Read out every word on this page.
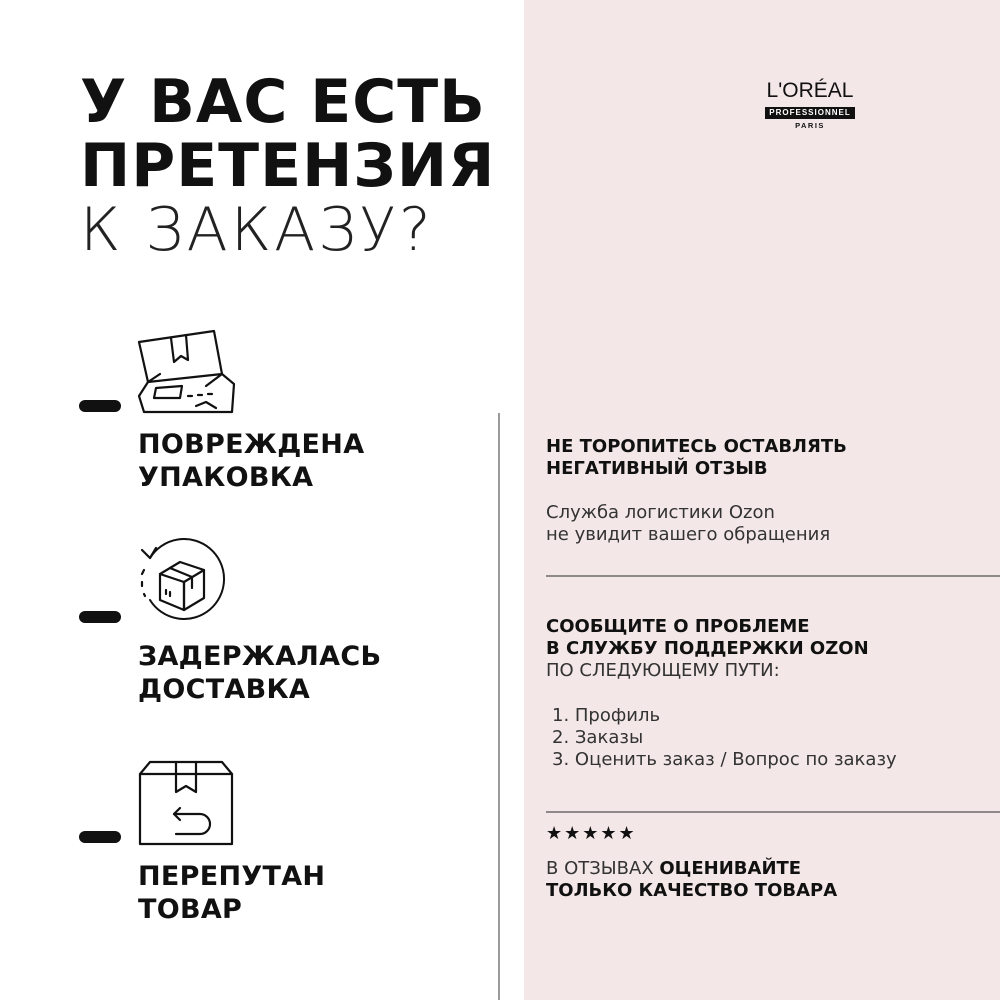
У ВАС ЕСТЬ
ПРЕТЕНЗИЯ
К ЗАКАЗУ?
L'ORÉAL
PROFESSIONNEL
PARIS
ПОВРЕЖДЕНА
УПАКОВКА
ЗАДЕРЖАЛАСЬ
ДОСТАВКА
ПЕРЕПУТАН
ТОВАР
НЕ ТОРОПИТЕСЬ ОСТАВЛЯТЬ
НЕГАТИВНЫЙ ОТЗЫВ
Служба логистики Ozon
не увидит вашего обращения
СООБЩИТЕ О ПРОБЛЕМЕ
В СЛУЖБУ ПОДДЕРЖКИ OZON
ПО СЛЕДУЮЩЕМУ ПУТИ:
1. Профиль
2. Заказы
3. Оценить заказ / Вопрос по заказу
★★★★★
В ОТЗЫВАХ ОЦЕНИВАЙТЕ
ТОЛЬКО КАЧЕСТВО ТОВАРА
